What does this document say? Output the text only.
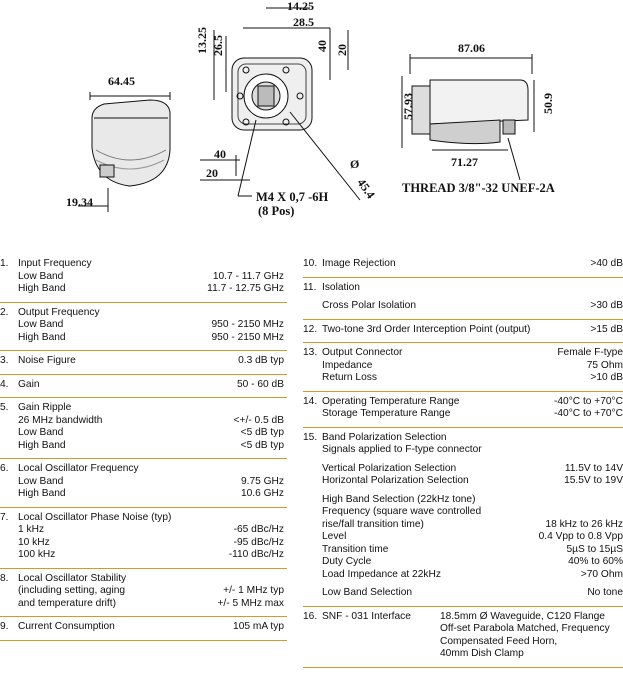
64.45
19.34
14.25
28.5
13.25 26.5	40 20
40
20
Ø
45.4
M4 X 0,7 -6H
(8 Pos)
87.06
57.93	50.9
71.27
THREAD 3/8"-32 UNEF-2A
1. Input Frequency
Low Band	10.7 - 11.7 GHz
High Band	11.7 - 12.75 GHz
2. Output Frequency
Low Band	950 - 2150 MHz
High Band	950 - 2150 MHz
3. Noise Figure	0.3 dB typ
4. Gain	50 - 60 dB
5. Gain Ripple
26 MHz bandwidth	<+/- 0.5 dB
Low Band	<5 dB typ
High Band	<5 dB typ
6. Local Oscillator Frequency
Low Band	9.75 GHz
High Band	10.6 GHz
7. Local Oscillator Phase Noise (typ)
1 kHz	-65 dBc/Hz
10 kHz	-95 dBc/Hz
100 kHz	-110 dBc/Hz
8. Local Oscillator Stability
(including setting, aging	+/- 1 MHz typ
and temperature drift)	+/- 5 MHz max
9. Current Consumption	105 mA typ
10. Image Rejection	>40 dB
11. Isolation
Cross Polar Isolation	>30 dB
12. Two-tone 3rd Order Interception Point (output)	>15 dB
13. Output Connector	Female F-type
Impedance	75 Ohm
Return Loss	>10 dB
14. Operating Temperature Range	-40°C to +70°C
Storage Temperature Range	-40°C to +70°C
15. Band Polarization Selection
Signals applied to F-type connector
Vertical Polarization Selection	11.5V to 14V
Horizontal Polarization Selection	15.5V to 19V
High Band Selection (22kHz tone)
Frequency (square wave controlled
rise/fall transition time)	18 kHz to 26 kHz
Level	0.4 Vpp to 0.8 Vpp
Transition time	5µS to 15µS
Duty Cycle	40% to 60%
Load Impedance at 22kHz	>70 Ohm
Low Band Selection	No tone
16. SNF - 031 Interface	18.5mm Ø Waveguide, C120 Flange
Off-set Parabola Matched, Frequency
Compensated Feed Horn,
40mm Dish Clamp
